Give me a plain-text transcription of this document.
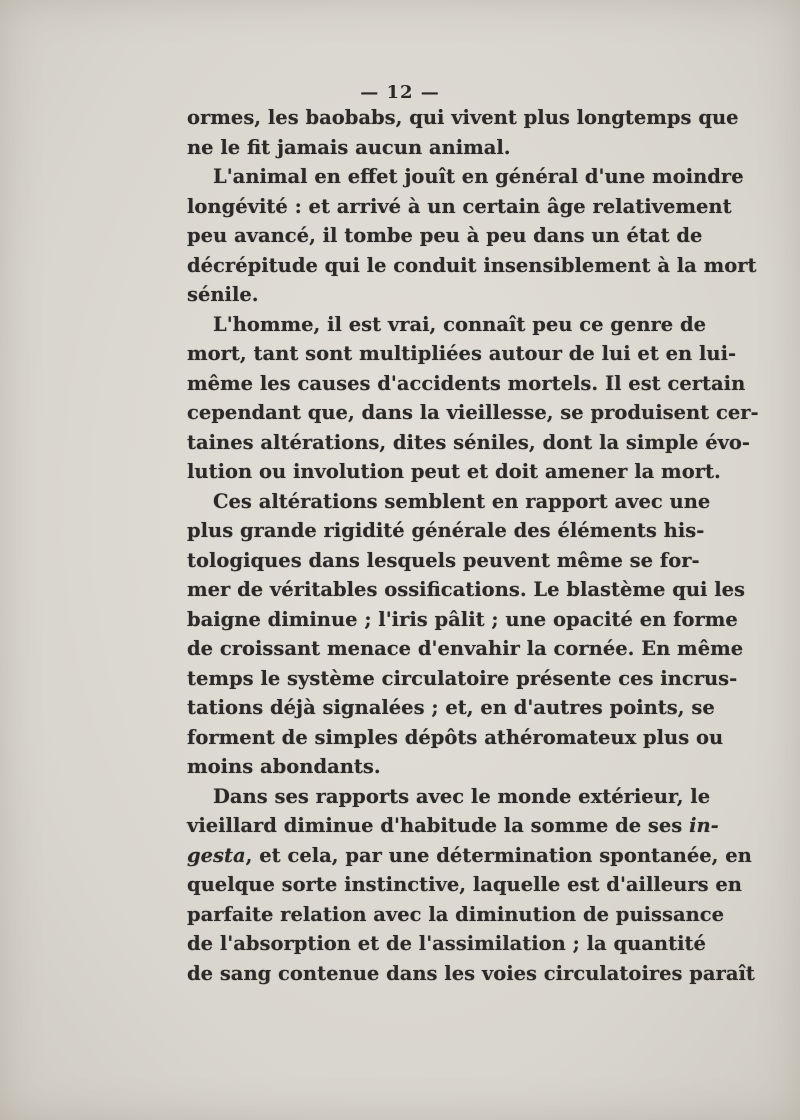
— 12 —
ormes, les baobabs, qui vivent plus longtemps que
ne le fit jamais aucun animal.
L'animal en effet jouît en général d'une moindre
longévité : et arrivé à un certain âge relativement
peu avancé, il tombe peu à peu dans un état de
décrépitude qui le conduit insensiblement à la mort
sénile.
L'homme, il est vrai, connaît peu ce genre de
mort, tant sont multipliées autour de lui et en lui-
même les causes d'accidents mortels. Il est certain
cependant que, dans la vieillesse, se produisent cer-
taines altérations, dites séniles, dont la simple évo-
lution ou involution peut et doit amener la mort.
Ces altérations semblent en rapport avec une
plus grande rigidité générale des éléments his-
tologiques dans lesquels peuvent même se for-
mer de véritables ossifications. Le blastème qui les
baigne diminue ; l'iris pâlit ; une opacité en forme
de croissant menace d'envahir la cornée. En même
temps le système circulatoire présente ces incrus-
tations déjà signalées ; et, en d'autres points, se
forment de simples dépôts athéromateux plus ou
moins abondants.
Dans ses rapports avec le monde extérieur, le
vieillard diminue d'habitude la somme de ses in-
gesta, et cela, par une détermination spontanée, en
quelque sorte instinctive, laquelle est d'ailleurs en
parfaite relation avec la diminution de puissance
de l'absorption et de l'assimilation ; la quantité
de sang contenue dans les voies circulatoires paraît
